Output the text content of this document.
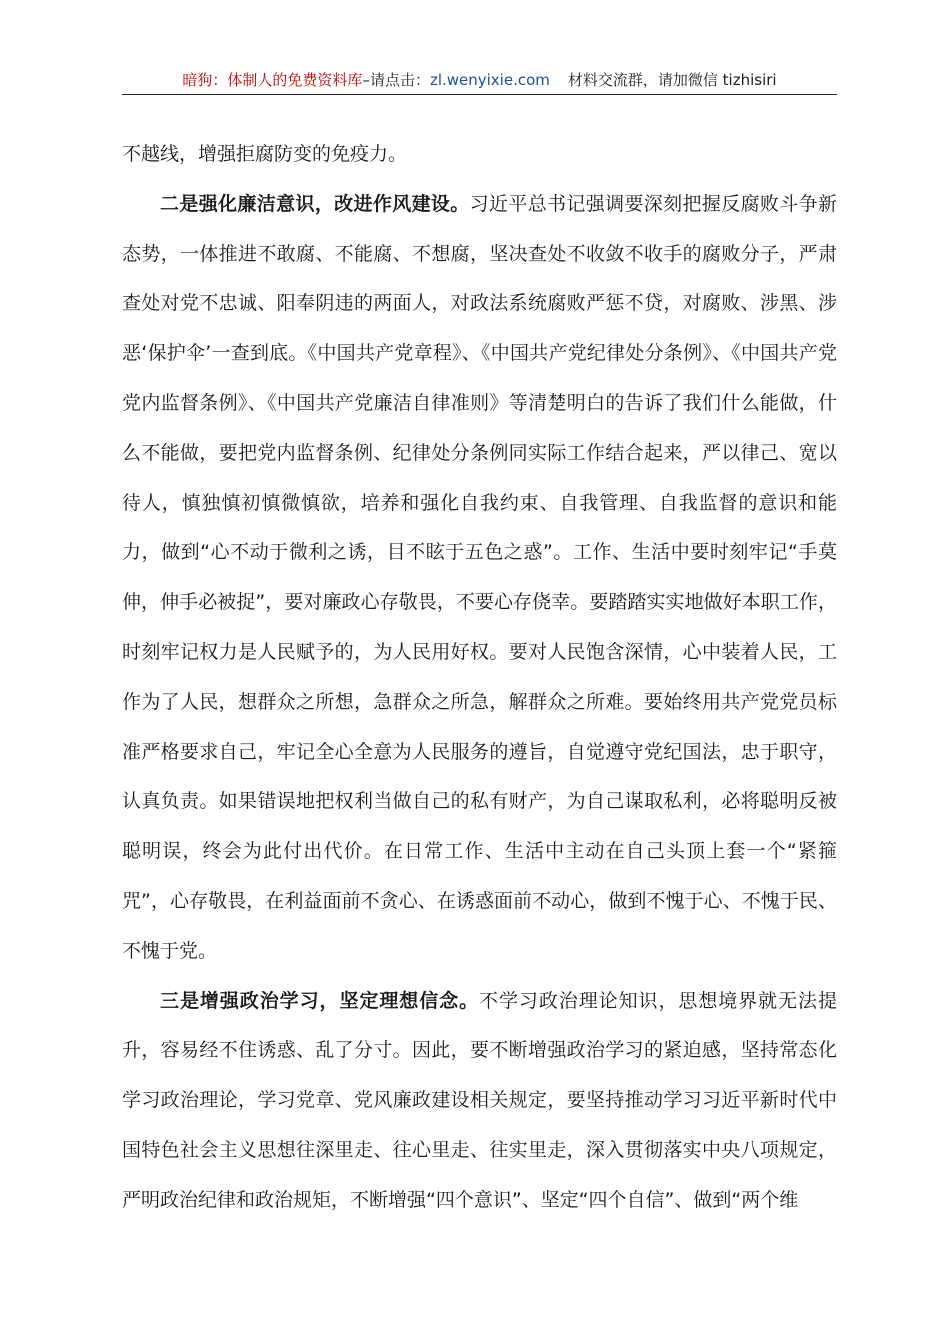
暗狗：体制人的免费资料库–请点击：zl.wenyixie.com 材料交流群，请加微信 tizhisiri

不越线，增强拒腐防变的免疫力。

二是强化廉洁意识，改进作风建设。习近平总书记强调要深刻把握反腐败斗争新态势，一体推进不敢腐、不能腐、不想腐，坚决查处不收敛不收手的腐败分子，严肃查处对党不忠诚、阳奉阴违的两面人，对政法系统腐败严惩不贷，对腐败、涉黑、涉恶‘保护伞’一查到底。《中国共产党章程》、《中国共产党纪律处分条例》、《中国共产党党内监督条例》、《中国共产党廉洁自律准则》等清楚明白的告诉了我们什么能做，什么不能做，要把党内监督条例、纪律处分条例同实际工作结合起来，严以律己、宽以待人，慎独慎初慎微慎欲，培养和强化自我约束、自我管理、自我监督的意识和能力，做到“心不动于微利之诱，目不眩于五色之惑”。工作、生活中要时刻牢记“手莫伸，伸手必被捉”，要对廉政心存敬畏，不要心存侥幸。要踏踏实实地做好本职工作，时刻牢记权力是人民赋予的，为人民用好权。要对人民饱含深情，心中装着人民，工作为了人民，想群众之所想，急群众之所急，解群众之所难。要始终用共产党党员标准严格要求自己，牢记全心全意为人民服务的遵旨，自觉遵守党纪国法，忠于职守，认真负责。如果错误地把权利当做自己的私有财产，为自己谋取私利，必将聪明反被聪明误，终会为此付出代价。在日常工作、生活中主动在自己头顶上套一个“紧箍咒”，心存敬畏，在利益面前不贪心、在诱惑面前不动心，做到不愧于心、不愧于民、不愧于党。

三是增强政治学习，坚定理想信念。不学习政治理论知识，思想境界就无法提升，容易经不住诱惑、乱了分寸。因此，要不断增强政治学习的紧迫感，坚持常态化学习政治理论，学习党章、党风廉政建设相关规定，要坚持推动学习习近平新时代中国特色社会主义思想往深里走、往心里走、往实里走，深入贯彻落实中央八项规定，严明政治纪律和政治规矩，不断增强“四个意识”、坚定“四个自信”、做到“两个维
